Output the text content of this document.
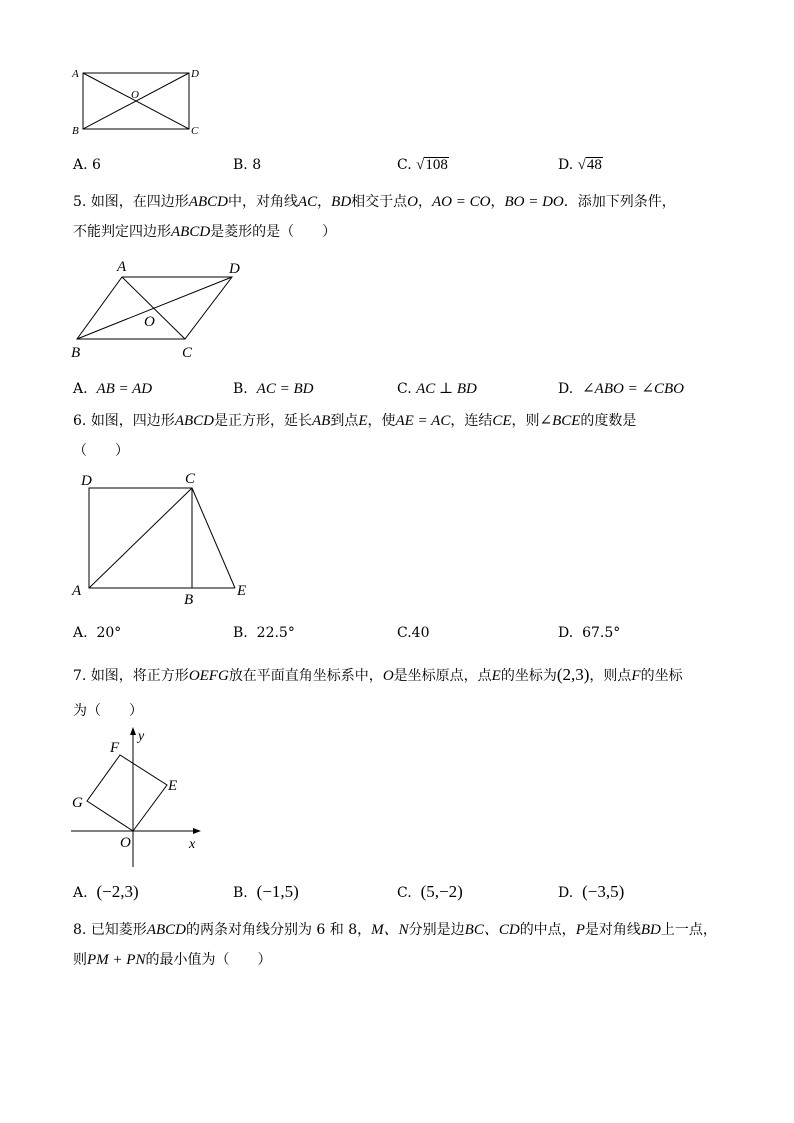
A	D
B	C
O
A. 6	B. 8	C. √108	D. √48
5. 如图，在四边形ABCD中，对角线AC，BD相交于点O，AO = CO，BO = DO．添加下列条件，
不能判定四边形ABCD是菱形的是（　　）
A	D
B	C
O
A. AB = AD	B. AC = BD	C. AC ⊥ BD	D. ∠ABO = ∠CBO
6. 如图，四边形ABCD是正方形，延长AB到点E，使AE = AC，连结CE，则∠BCE的度数是
（　　）
D	C
A
B
E
A. 20°	B. 22.5°	C.40	D. 67.5°
7. 如图，将正方形OEFG放在平面直角坐标系中，O是坐标原点，点E的坐标为(2,3)，则点F的坐标
为（　　）
y
x
F
E
G
O
A. (−2,3)	B. (−1,5)	C. (5,−2)	D. (−3,5)
8. 已知菱形ABCD的两条对角线分别为 6 和 8，M、N分别是边BC、CD的中点，P是对角线BD上一点，
则PM + PN的最小值为（　　）
